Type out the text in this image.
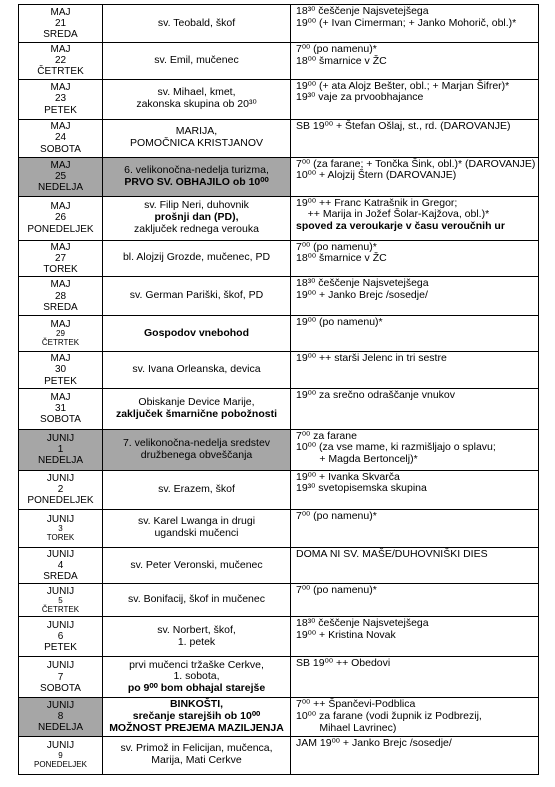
MAJ
21
SREDA	sv. Teobald, škof	18³⁰ češčenje Najsvetejšega
19⁰⁰ (+ Ivan Cimerman; + Janko Mohorič, obl.)*

MAJ
22
ČETRTEK	sv. Emil, mučenec	7⁰⁰ (po namenu)*
18⁰⁰ šmarnice v ŽC

MAJ
23
PETEK	sv. Mihael, kmet,
zakonska skupina ob 20³⁰	19⁰⁰ (+ ata Alojz Bešter, obl.; + Marjan Šifrer)*
19³⁰ vaje za prvoobhajance

MAJ
24
SOBOTA	MARIJA,
POMOČNICA KRISTJANOV	SB 19⁰⁰ + Štefan Ošlaj, st., rd. (DAROVANJE)

MAJ
25
NEDELJA	6. velikonočna-nedelja turizma,
PRVO SV. OBHAJILO ob 10⁰⁰	7⁰⁰ (za farane; + Tončka Šink, obl.)* (DAROVANJE)
10⁰⁰ + Alojzij Štern (DAROVANJE)

MAJ
26
PONEDELJEK	sv. Filip Neri, duhovnik
prošnji dan (PD),
zaključek rednega verouka	19⁰⁰ ++ Franc Katrašnik in Gregor;
++ Marija in Jožef Šolar-Kajžova, obl.)*
spoved za veroukarje v času veroučnih ur

MAJ
27
TOREK	bl. Alojzij Grozde, mučenec, PD	7⁰⁰ (po namenu)*
18⁰⁰ šmarnice v ŽC

MAJ
28
SREDA	sv. German Pariški, škof, PD	18³⁰ češčenje Najsvetejšega
19⁰⁰ + Janko Brejc /sosedje/

MAJ
29
ČETRTEK	Gospodov vnebohod	19⁰⁰ (po namenu)*

MAJ
30
PETEK	sv. Ivana Orleanska, devica	19⁰⁰ ++ starši Jelenc in tri sestre

MAJ
31
SOBOTA	Obiskanje Device Marije,
zaključek šmarnične pobožnosti	19⁰⁰ za srečno odraščanje vnukov

JUNIJ
1
NEDELJA	7. velikonočna-nedelja sredstev
družbenega obveščanja	7⁰⁰ za farane
10⁰⁰ (za vse mame, ki razmišljajo o splavu;
+ Magda Bertoncelj)*

JUNIJ
2
PONEDELJEK	sv. Erazem, škof	19⁰⁰ + Ivanka Skvarča
19³⁰ svetopisemska skupina

JUNIJ
3
TOREK	sv. Karel Lwanga in drugi
ugandski mučenci	7⁰⁰ (po namenu)*

JUNIJ
4
SREDA	sv. Peter Veronski, mučenec	DOMA NI SV. MAŠE/DUHOVNIŠKI DIES

JUNIJ
5
ČETRTEK	sv. Bonifacij, škof in mučenec	7⁰⁰ (po namenu)*

JUNIJ
6
PETEK	sv. Norbert, škof,
1. petek	18³⁰ češčenje Najsvetejšega
19⁰⁰ + Kristina Novak

JUNIJ
7
SOBOTA	prvi mučenci tržaške Cerkve,
1. sobota,
po 9⁰⁰ bom obhajal starejše	SB 19⁰⁰ ++ Obedovi

JUNIJ
8
NEDELJA	BINKOŠTI,
srečanje starejših ob 10⁰⁰
MOŽNOST PREJEMA MAZILJENJA	7⁰⁰ ++ Špančevi-Podblica
10⁰⁰ za farane (vodi župnik iz Podbrezij,
Mihael Lavrinec)

JUNIJ
9
PONEDELJEK	sv. Primož in Felicijan, mučenca,
Marija, Mati Cerkve	JAM 19⁰⁰ + Janko Brejc /sosedje/
